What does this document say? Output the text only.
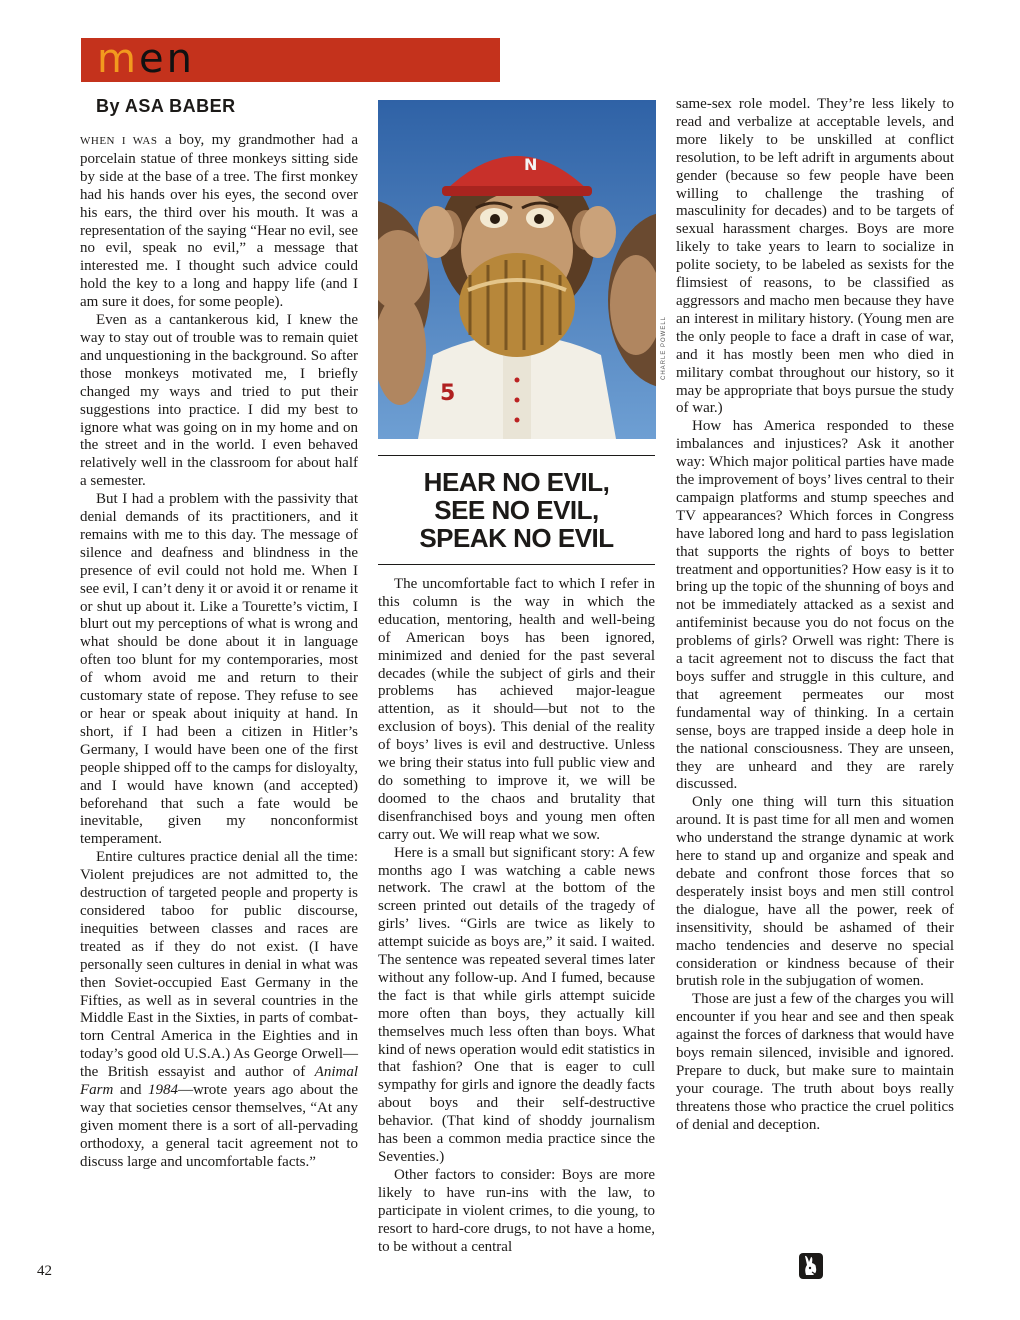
men
By ASA BABER

WHEN I WAS a boy, my grandmother had a porcelain statue of three monkeys sitting side by side at the base of a tree. The first monkey had his hands over his eyes, the second over his ears, the third over his mouth. It was a representation of the saying “Hear no evil, see no evil, speak no evil,” a message that interested me. I thought such advice could hold the key to a long and happy life (and I am sure it does, for some people).

Even as a cantankerous kid, I knew the way to stay out of trouble was to remain quiet and unquestioning in the background. So after those monkeys motivated me, I briefly changed my ways and tried to put their suggestions into practice. I did my best to ignore what was going on in my home and on the street and in the world. I even behaved relatively well in the classroom for about half a semester.

But I had a problem with the passivity that denial demands of its practitioners, and it remains with me to this day. The message of silence and deafness and blindness in the presence of evil could not hold me. When I see evil, I can’t deny it or avoid it or rename it or shut up about it. Like a Tourette’s victim, I blurt out my perceptions of what is wrong and what should be done about it in language often too blunt for my contemporaries, most of whom avoid me and return to their customary state of repose. They refuse to see or hear or speak about iniquity at hand. In short, if I had been a citizen in Hitler’s Germany, I would have been one of the first people shipped off to the camps for disloyalty, and I would have known (and accepted) beforehand that such a fate would be inevitable, given my nonconformist temperament.

Entire cultures practice denial all the time: Violent prejudices are not admitted to, the destruction of targeted people and property is considered taboo for public discourse, inequities between classes and races are treated as if they do not exist. (I have personally seen cultures in denial in what was then Soviet-occupied East Germany in the Fifties, as well as in several countries in the Middle East in the Sixties, in parts of combat-torn Central America in the Eighties and in today’s good old U.S.A.) As George Orwell—the British essayist and author of Animal Farm and 1984—wrote years ago about the way that societies censor themselves, “At any given moment there is a sort of all-pervading orthodoxy, a general tacit agreement not to discuss large and uncomfortable facts.”

5
N
CHARLE POWELL
HEAR NO EVIL,
SEE NO EVIL,
SPEAK NO EVIL

The uncomfortable fact to which I refer in this column is the way in which the education, mentoring, health and well-being of American boys has been ignored, minimized and denied for the past several decades (while the subject of girls and their problems has achieved major-league attention, as it should—but not to the exclusion of boys). This denial of the reality of boys’ lives is evil and destructive. Unless we bring their status into full public view and do something to improve it, we will be doomed to the chaos and brutality that disenfranchised boys and young men often carry out. We will reap what we sow.

Here is a small but significant story: A few months ago I was watching a cable news network. The crawl at the bottom of the screen printed out details of the tragedy of girls’ lives. “Girls are twice as likely to attempt suicide as boys are,” it said. I waited. The sentence was repeated several times later without any follow-up. And I fumed, because the fact is that while girls attempt suicide more often than boys, they actually kill themselves much less often than boys. What kind of news operation would edit statistics in that fashion? One that is eager to cull sympathy for girls and ignore the deadly facts about boys and their self-destructive behavior. (That kind of shoddy journalism has been a common media practice since the Seventies.)

Other factors to consider: Boys are more likely to have run-ins with the law, to participate in violent crimes, to die young, to resort to hard-core drugs, to not have a home, to be without a central

same-sex role model. They’re less likely to read and verbalize at acceptable levels, and more likely to be unskilled at conflict resolution, to be left adrift in arguments about gender (because so few people have been willing to challenge the trashing of masculinity for decades) and to be targets of sexual harassment charges. Boys are more likely to take years to learn to socialize in polite society, to be labeled as sexists for the flimsiest of reasons, to be classified as aggressors and macho men because they have an interest in military history. (Young men are the only people to face a draft in case of war, and it has mostly been men who died in military combat throughout our history, so it may be appropriate that boys pursue the study of war.)

How has America responded to these imbalances and injustices? Ask it another way: Which major political parties have made the improvement of boys’ lives central to their campaign platforms and stump speeches and TV appearances? Which forces in Congress have labored long and hard to pass legislation that supports the rights of boys to better treatment and opportunities? How easy is it to bring up the topic of the shunning of boys and not be immediately attacked as a sexist and antifeminist because you do not focus on the problems of girls? Orwell was right: There is a tacit agreement not to discuss the fact that boys suffer and struggle in this culture, and that agreement permeates our most fundamental way of thinking. In a certain sense, boys are trapped inside a deep hole in the national consciousness. They are unseen, they are unheard and they are rarely discussed.

Only one thing will turn this situation around. It is past time for all men and women who understand the strange dynamic at work here to stand up and organize and speak and debate and confront those forces that so desperately insist boys and men still control the dialogue, have all the power, reek of insensitivity, should be ashamed of their macho tendencies and deserve no special consideration or kindness because of their brutish role in the subjugation of women.

Those are just a few of the charges you will encounter if you hear and see and then speak against the forces of darkness that would have boys remain silenced, invisible and ignored. Prepare to duck, but make sure to maintain your courage. The truth about boys really threatens those who practice the cruel politics of denial and deception.

42
